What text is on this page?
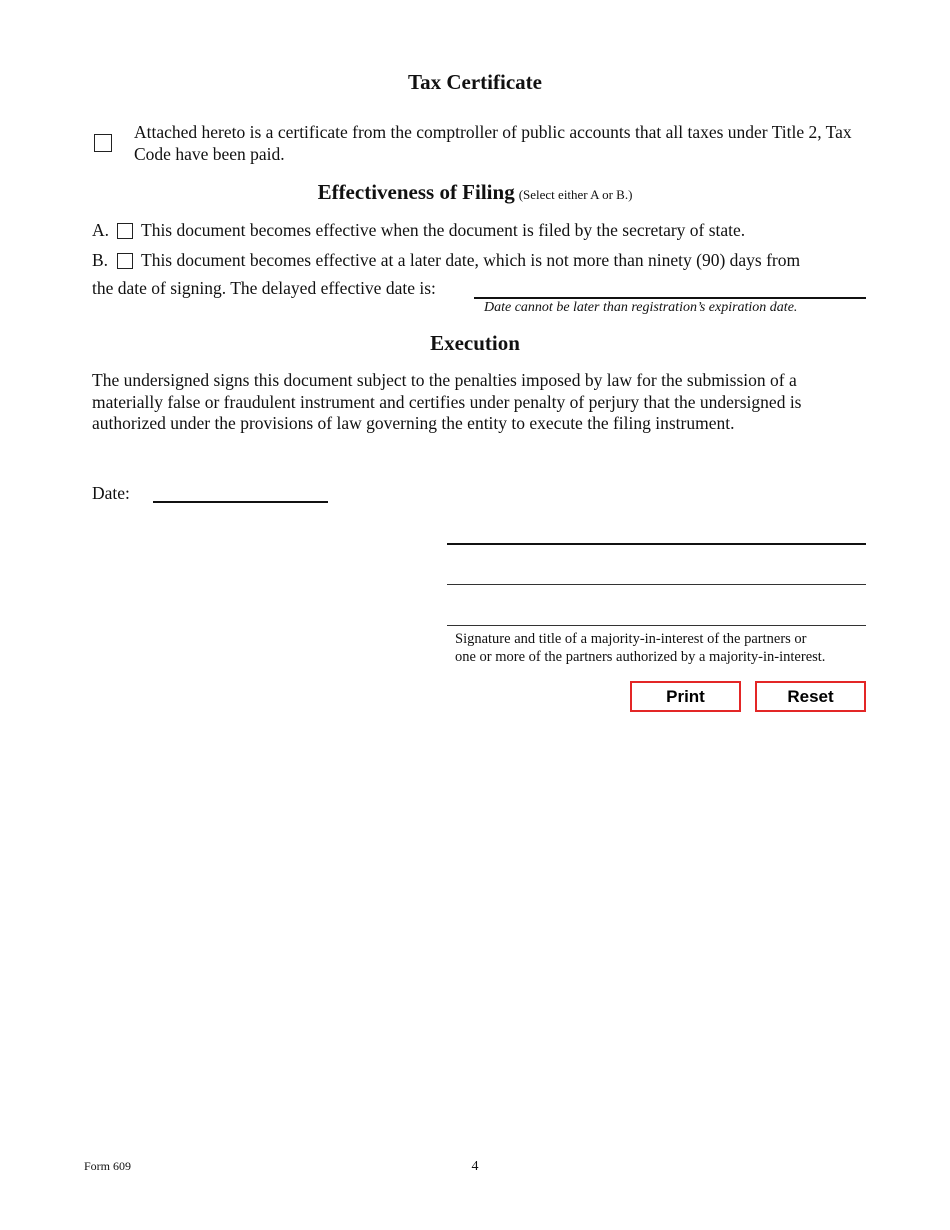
Tax Certificate
Attached hereto is a certificate from the comptroller of public accounts that all taxes under Title 2, Tax Code have been paid.
Effectiveness of Filing (Select either A or B.)
A. This document becomes effective when the document is filed by the secretary of state.
B. This document becomes effective at a later date, which is not more than ninety (90) days from
the date of signing. The delayed effective date is:
Date cannot be later than registration’s expiration date.
Execution
The undersigned signs this document subject to the penalties imposed by law for the submission of a materially false or fraudulent instrument and certifies under penalty of perjury that the undersigned is authorized under the provisions of law governing the entity to execute the filing instrument.
Date:
Signature and title of a majority-in-interest of the partners or
one or more of the partners authorized by a majority-in-interest.
Print	Reset
Form 609	4
